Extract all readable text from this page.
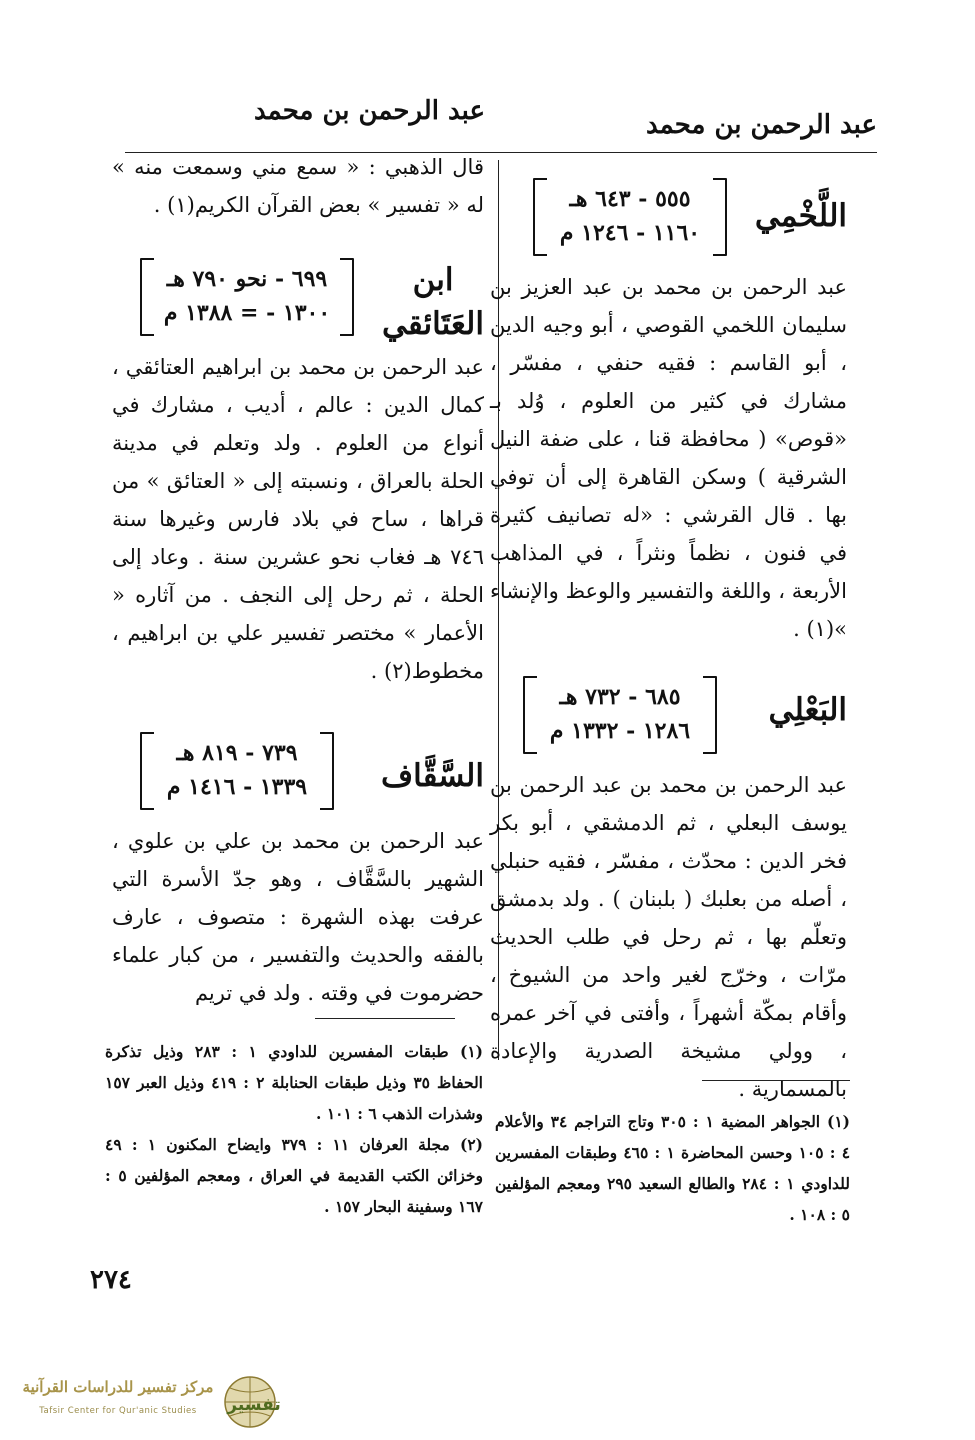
عبد الرحمن بن محمد
عبد الرحمن بن محمد
اللَّخْمِي
٥٥٥ - ٦٤٣ هـ
١١٦٠ - ١٢٤٦ م
عبد الرحمن بن محمد بن عبد العزيز بن سليمان اللخمي القوصي ، أبو وجيه الدين ، أبو القاسم : فقيه حنفي ، مفسّر ، مشارك في كثير من العلوم ، وُلد بـ «قوص» ( محافظة قنا ، على ضفة النيل الشرقية ) وسكن القاهرة إلى أن توفي بها . قال القرشي : «له تصانيف كثيرة في فنون ، نظماً ونثراً ، في المذاهب الأربعة ، واللغة والتفسير والوعظ والإنشاء »(١) .
البَعْلِي
٦٨٥ - ٧٣٢ هـ
١٢٨٦ - ١٣٣٢ م
عبد الرحمن بن محمد بن عبد الرحمن بن يوسف البعلي ، ثم الدمشقي ، أبو بكر فخر الدين : محدّث ، مفسّر ، فقيه حنبلي ، أصله من بعلبك ( بلبنان ) . ولد بدمشق وتعلّم بها ، ثم رحل في طلب الحديث مرّات ، وخرّج لغير واحد من الشيوخ ، وأقام بمكّة أشهراً ، وأفتى في آخر عمره ، وولي مشيخة الصدرية والإعادة بالمسمارية .
(١) الجواهر المضية ١ : ٣٠٥ وتاج التراجم ٣٤ والأعلام ٤ : ١٠٥ وحسن المحاضرة ١ : ٤٦٥ وطبقات المفسرين للداودي ١ : ٢٨٤ والطالع السعيد ٢٩٥ ومعجم المؤلفين ٥ : ١٠٨ .
قال الذهبي : « سمع مني وسمعت منه » له « تفسير » بعض القرآن الكريم(١) .
ابن
العَتَائقي
٦٩٩ - نحو ٧٩٠ هـ
١٣٠٠ - = ١٣٨٨ م
عبد الرحمن بن محمد بن ابراهيم العتائقي ، كمال الدين : عالم ، أديب ، مشارك في أنواع من العلوم . ولد وتعلم في مدينة الحلة بالعراق ، ونسبته إلى « العتائق » من قراها ، ساح في بلاد فارس وغيرها سنة ٧٤٦ هـ فغاب نحو عشرين سنة . وعاد إلى الحلة ، ثم رحل إلى النجف . من آثاره « الأعمار » مختصر تفسير علي بن ابراهيم ، مخطوط(٢) .
السَّقَّاف
٧٣٩ - ٨١٩ هـ
١٣٣٩ - ١٤١٦ م
عبد الرحمن بن محمد بن علي بن علوي ، الشهير بالسَّقَّاف ، وهو جدّ الأسرة التي عرفت بهذه الشهرة : متصوف ، عارف بالفقه والحديث والتفسير ، من كبار علماء حضرموت في وقته . ولد في تريم
(١) طبقات المفسرين للداودي ١ : ٢٨٣ وذيل تذكرة الحفاظ ٣٥ وذيل طبقات الحنابلة ٢ : ٤١٩ وذيل العبر ١٥٧ وشذرات الذهب ٦ : ١٠١ .
(٢) مجلة العرفان ١١ : ٣٧٩ وايضاح المكنون ١ : ٤٩ وخزائن الكتب القديمة في العراق ، ومعجم المؤلفين ٥ : ١٦٧ وسفينة البحار ١٥٧ .
٢٧٤
تفسير
مركز تفسير للدراسات القرآنية
Tafsir Center for Qur'anic Studies
